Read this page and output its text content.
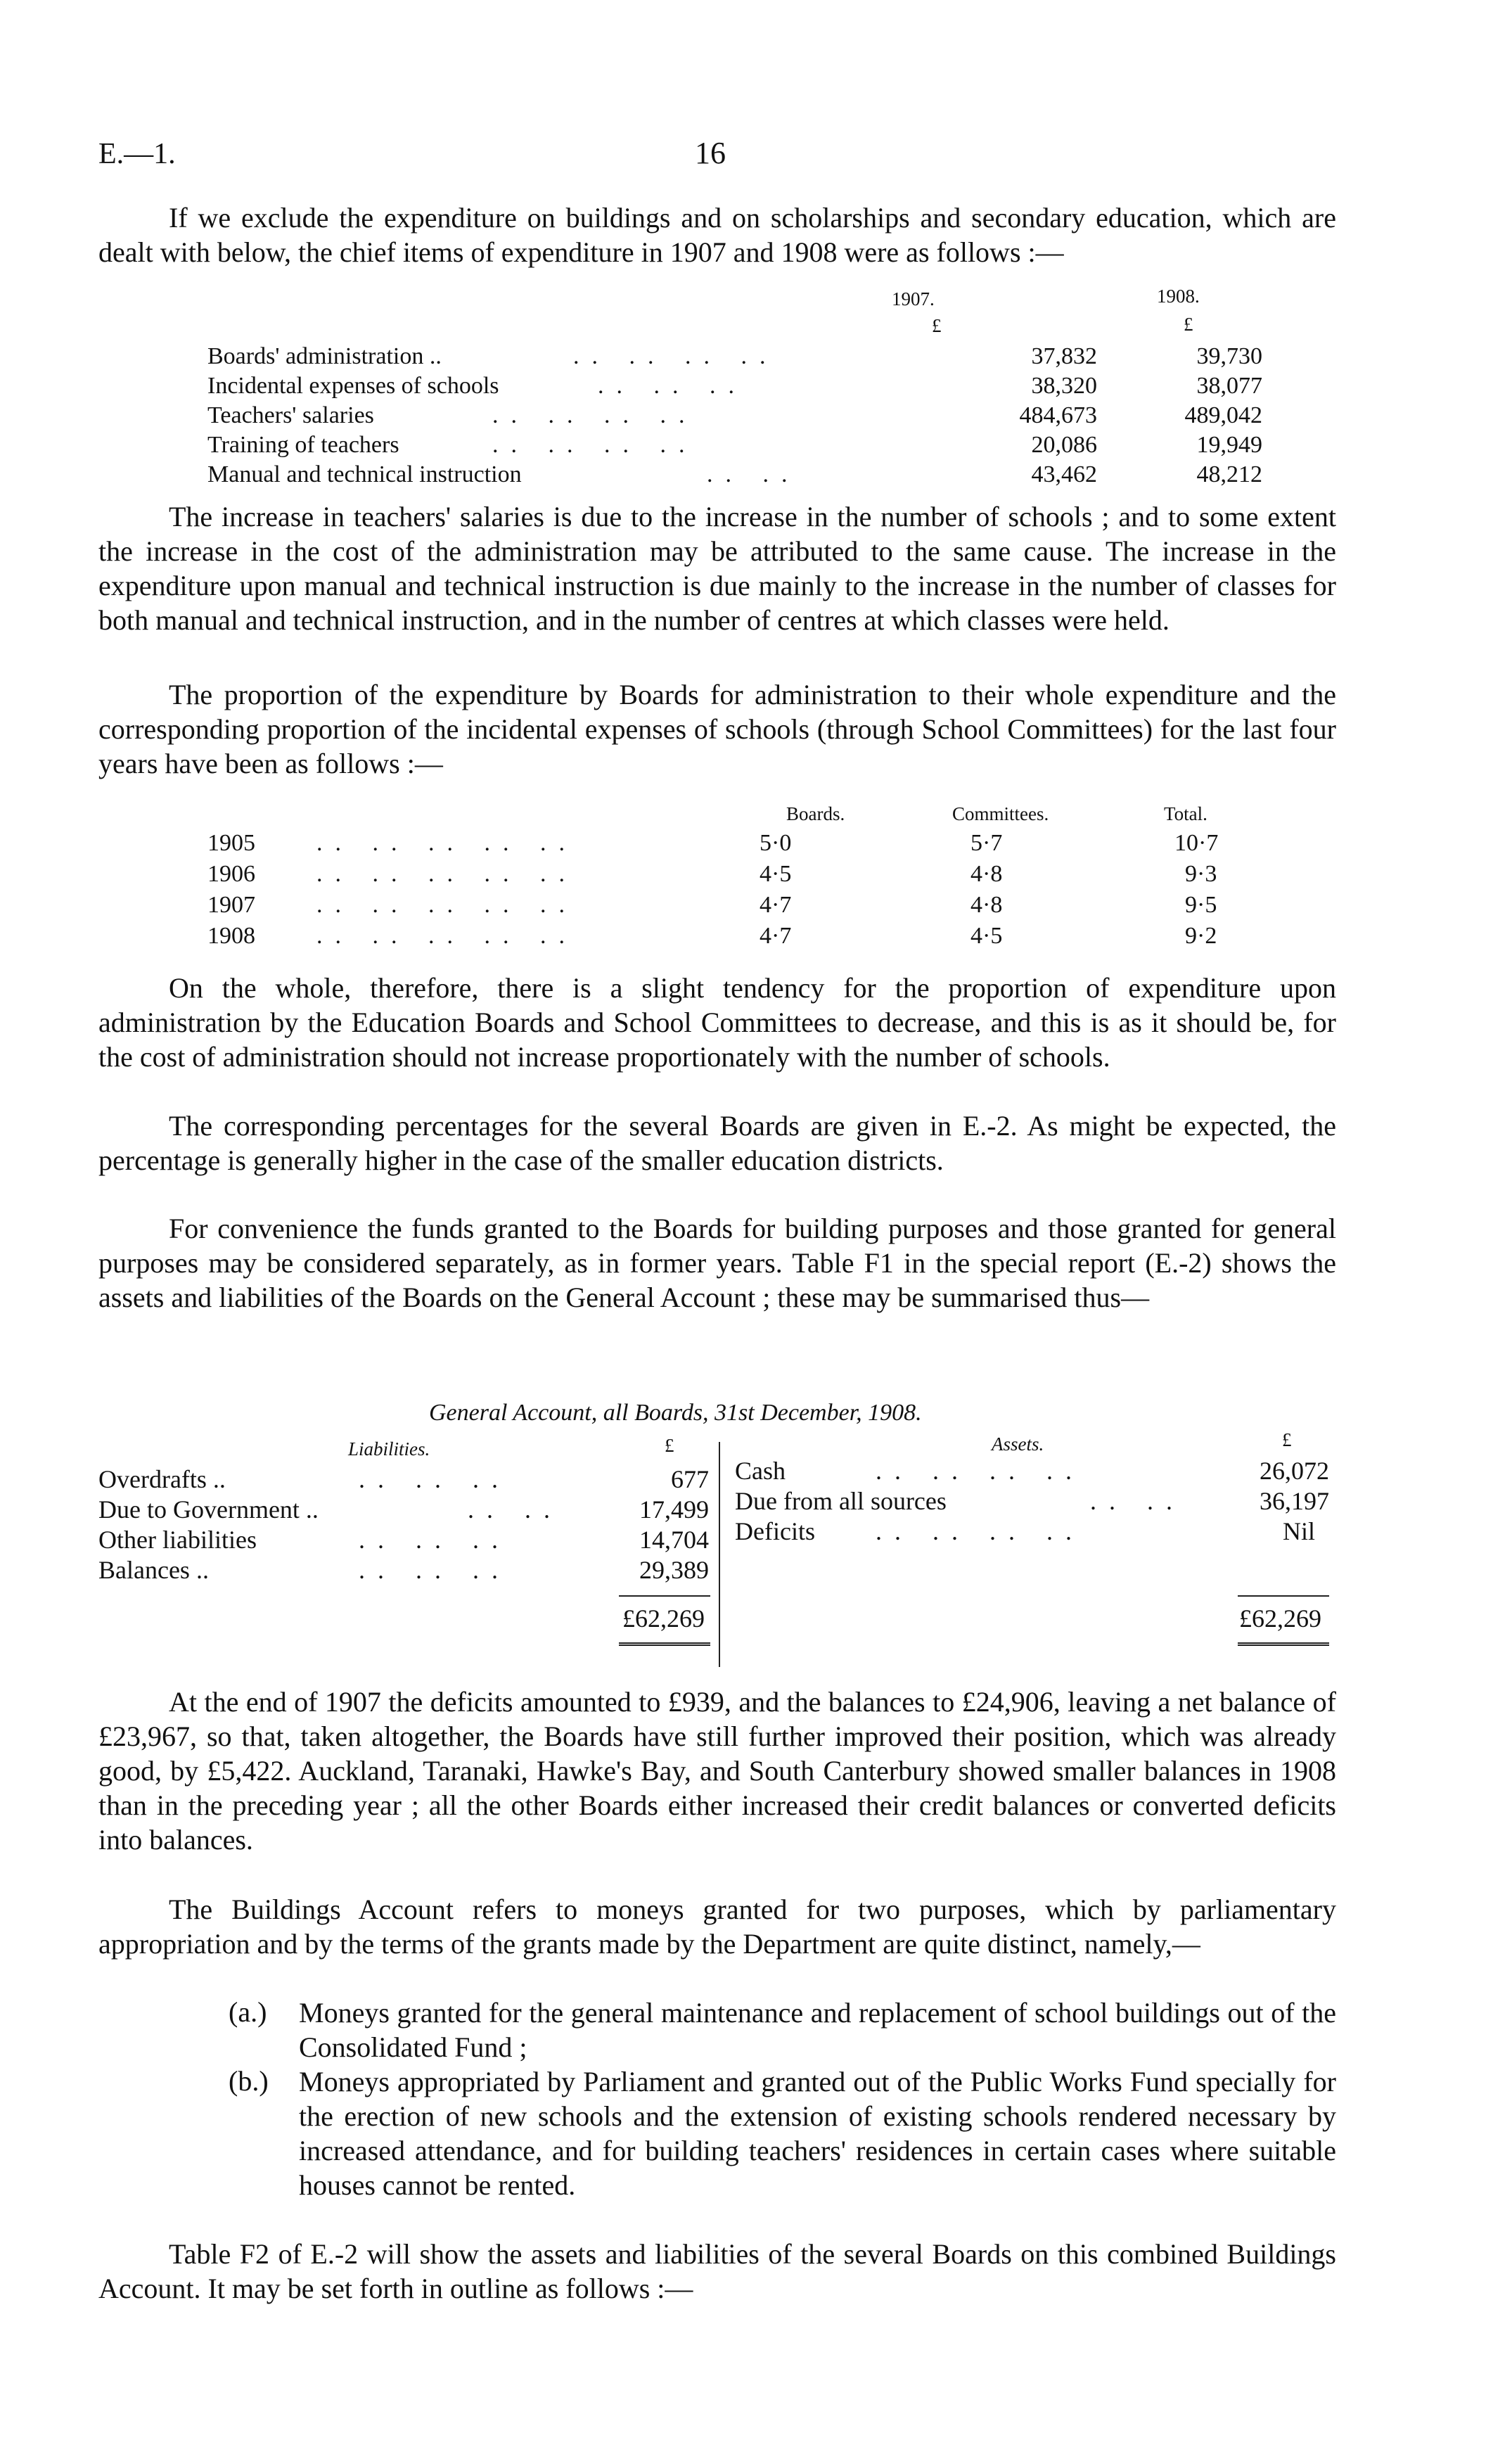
E.—1.	16
If we exclude the expenditure on buildings and on scholarships and secondary education, which are dealt with below, the chief items of expenditure in 1907 and 1908 were as follows :—
1907.	1908.
£	£
Boards' administration ..	.. .. .. ..	37,832	39,730
Incidental expenses of schools	.. .. ..	38,320	38,077
Teachers' salaries	.. .. .. ..	484,673	489,042
Training of teachers	.. .. .. ..	20,086	19,949
Manual and technical instruction	.. ..	43,462	48,212
The increase in teachers' salaries is due to the increase in the number of schools ; and to some extent the increase in the cost of the administration may be attributed to the same cause. The increase in the expenditure upon manual and technical instruction is due mainly to the increase in the number of classes for both manual and technical instruction, and in the number of centres at which classes were held.
The proportion of the expenditure by Boards for administration to their whole expenditure and the corresponding proportion of the incidental expenses of schools (through School Committees) for the last four years have been as follows :—
Boards.	Committees.	Total.
1905	.. .. .. .. ..	5·0	5·7	10·7
1906	.. .. .. .. ..	4·5	4·8	9·3
1907	.. .. .. .. ..	4·7	4·8	9·5
1908	.. .. .. .. ..	4·7	4·5	9·2
On the whole, therefore, there is a slight tendency for the proportion of expenditure upon administration by the Education Boards and School Committees to decrease, and this is as it should be, for the cost of administration should not increase proportionately with the number of schools.
The corresponding percentages for the several Boards are given in E.-2. As might be expected, the percentage is generally higher in the case of the smaller education districts.
For convenience the funds granted to the Boards for building purposes and those granted for general purposes may be considered separately, as in former years. Table F1 in the special report (E.-2) shows the assets and liabilities of the Boards on the General Account ; these may be summarised thus—
General Account, all Boards, 31st December, 1908.
Liabilities.	£	Assets.	£
Overdrafts ..	.. .. ..	677
Due to Government ..	.. ..	17,499
Other liabilities	.. .. ..	14,704
Balances ..	.. .. ..	29,389
Cash	.. .. .. ..	26,072
Due from all sources	.. ..	36,197
Deficits .. .. .. ..	Nil
£62,269	£62,269
At the end of 1907 the deficits amounted to £939, and the balances to £24,906, leaving a net balance of £23,967, so that, taken altogether, the Boards have still further improved their position, which was already good, by £5,422. Auckland, Taranaki, Hawke's Bay, and South Canterbury showed smaller balances in 1908 than in the preceding year ; all the other Boards either increased their credit balances or converted deficits into balances.
The Buildings Account refers to moneys granted for two purposes, which by parliamentary appropriation and by the terms of the grants made by the Department are quite distinct, namely,—
(a.) Moneys granted for the general maintenance and replacement of school buildings out of the Consolidated Fund ;
(b.) Moneys appropriated by Parliament and granted out of the Public Works Fund specially for the erection of new schools and the extension of existing schools rendered necessary by increased attendance, and for building teachers' residences in certain cases where suitable houses cannot be rented.
Table F2 of E.-2 will show the assets and liabilities of the several Boards on this combined Buildings Account. It may be set forth in outline as follows :—
